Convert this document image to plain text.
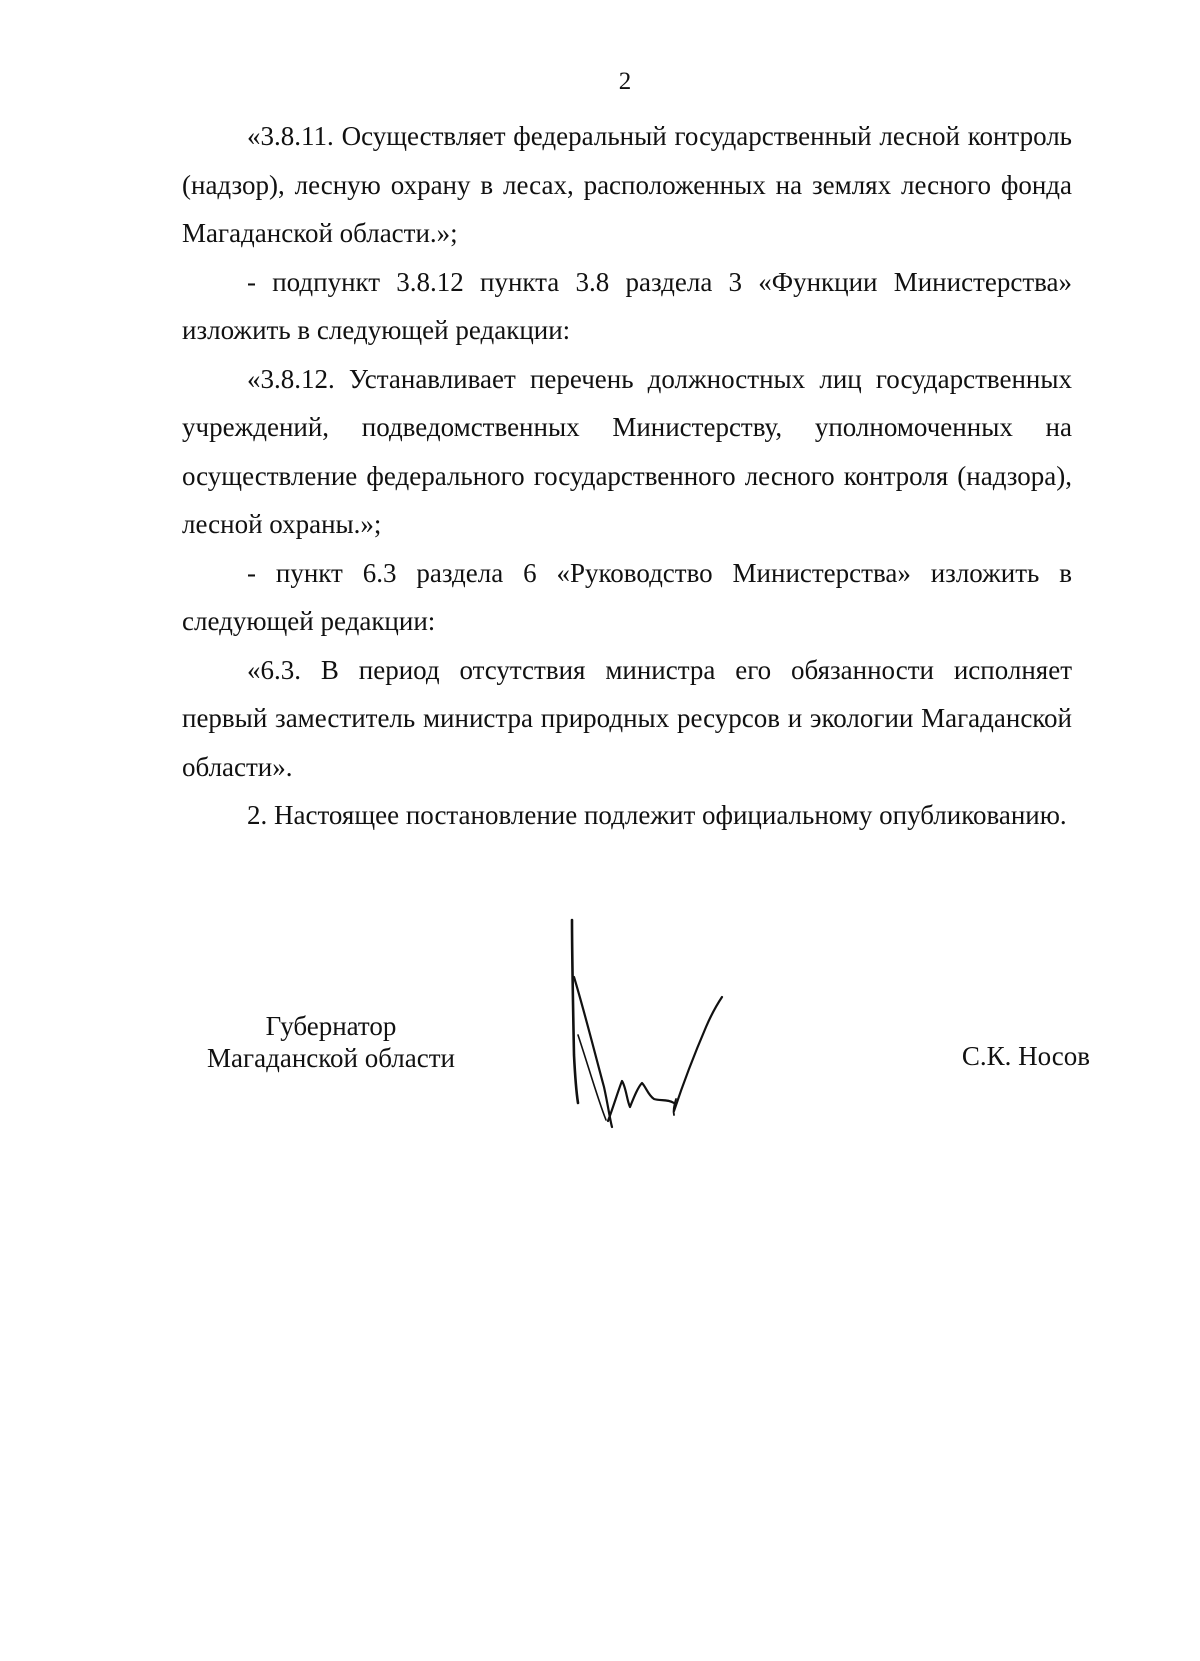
2

«3.8.11. Осуществляет федеральный государственный лесной контроль (надзор), лесную охрану в лесах, расположенных на землях лесного фонда Магаданской области.»;

- подпункт 3.8.12 пункта 3.8 раздела 3 «Функции Министерства» изложить в следующей редакции:

«3.8.12. Устанавливает перечень должностных лиц государственных учреждений, подведомственных Министерству, уполномоченных на осуществление федерального государственного лесного контроля (надзора), лесной охраны.»;

- пункт 6.3 раздела 6 «Руководство Министерства» изложить в следующей редакции:

«6.3. В период отсутствия министра его обязанности исполняет первый заместитель министра природных ресурсов и экологии Магаданской области».

2. Настоящее постановление подлежит официальному опубликованию.

Губернатор
Магаданской области	С.К. Носов
